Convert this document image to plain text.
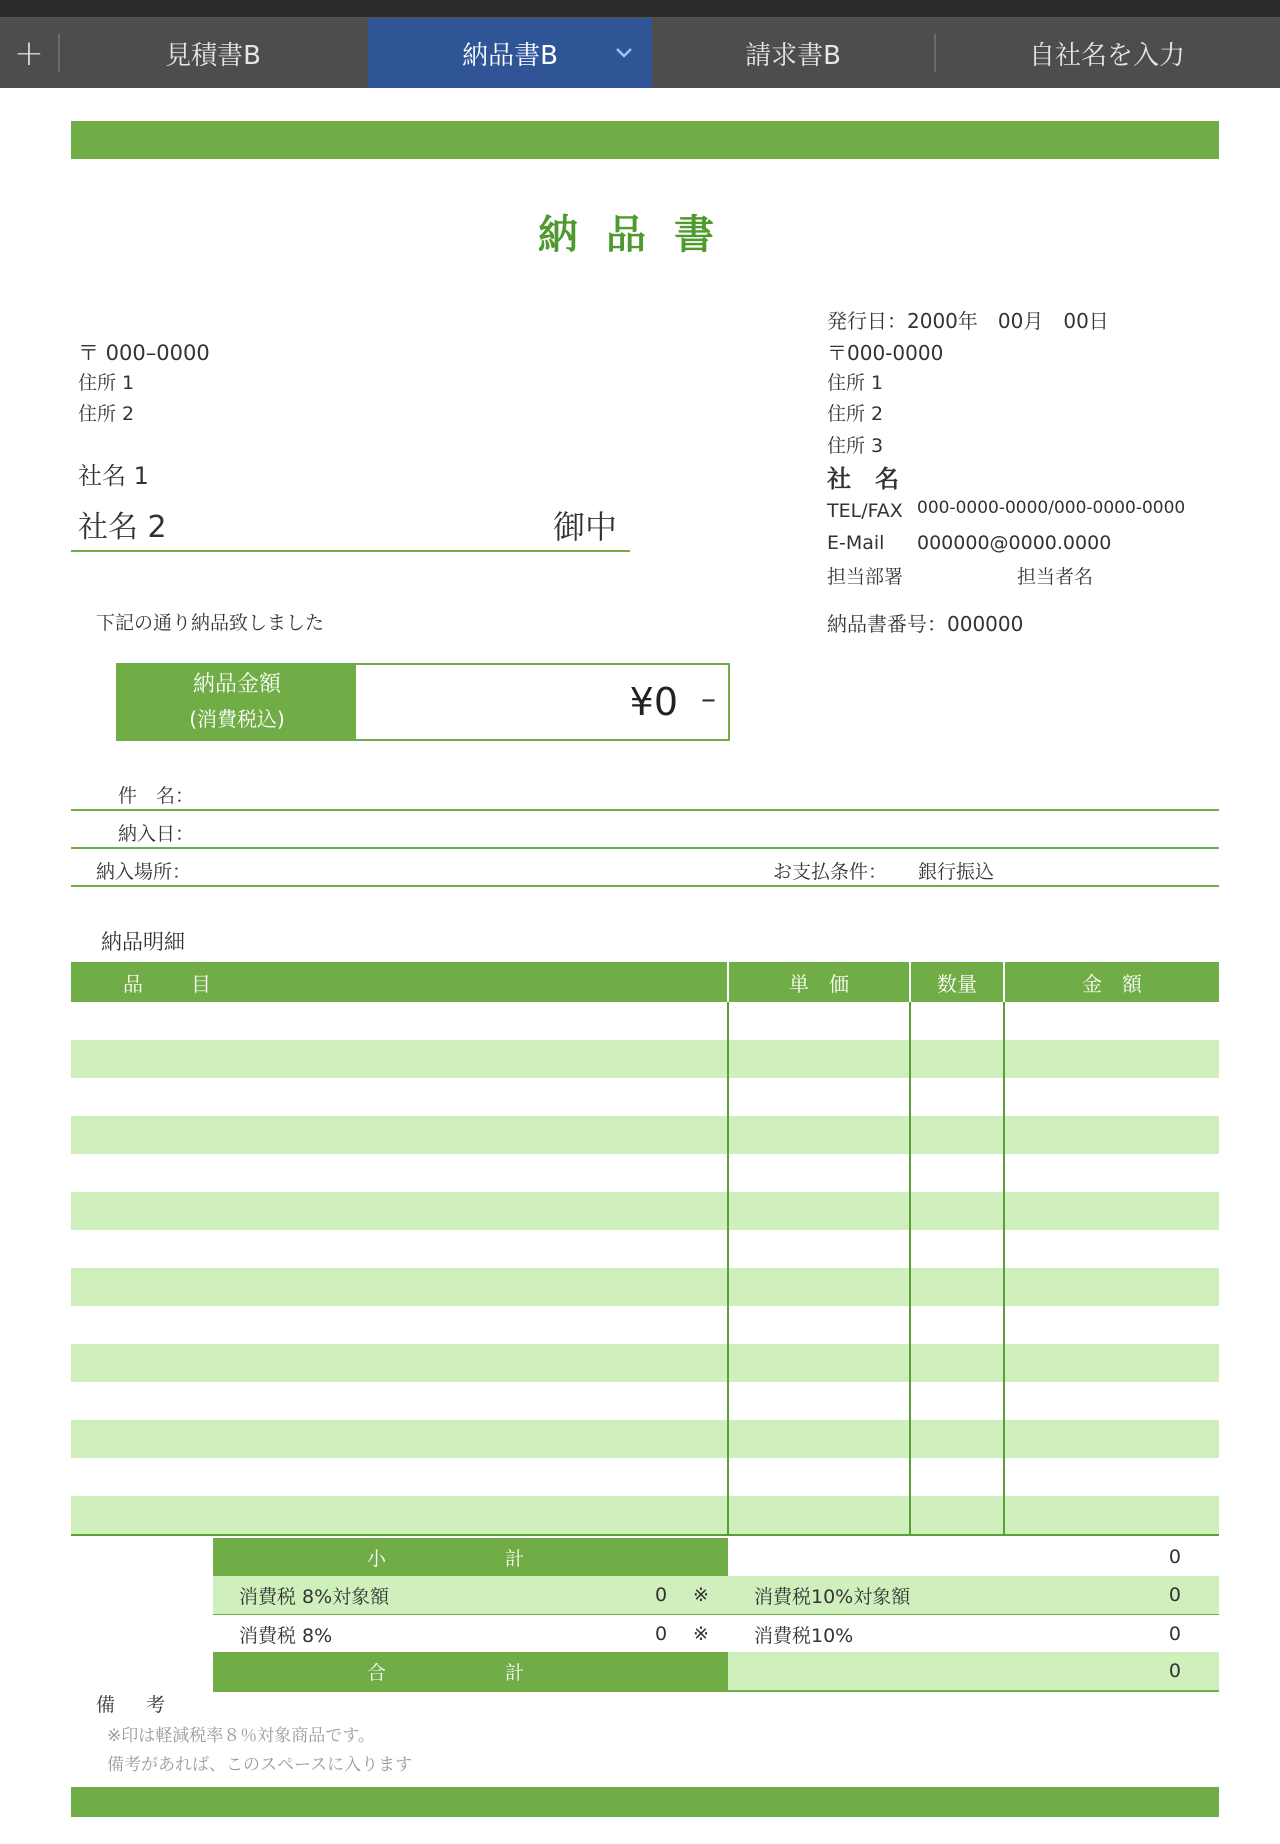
+	見積書B	納品書B	請求書B	自社名を入力
納品書
〒 000–0000
住所 1
住所 2
社名 1
社名 2	御中
発行日：2000年　00月　00日
〒000-0000
住所 1
住所 2
住所 3
社　名
TEL/FAX 000-0000-0000/000-0000-0000
E-Mail 000000@0000.0000
担当部署	担当者名
納品書番号：000000
下記の通り納品致しました
納品金額
(消費税込)	¥0 –
件　名：
納入日：
納入場所：	お支払条件： 銀行振込
納品明細
品　目	単　価	数量	金　額
小　計	0
消費税 8%対象額	0 ※ 消費税10%対象額	0
消費税 8%	0 ※ 消費税10%	0
合　計	0
備　考
※印は軽減税率８％対象商品です。
備考があれば、このスペースに入ります
